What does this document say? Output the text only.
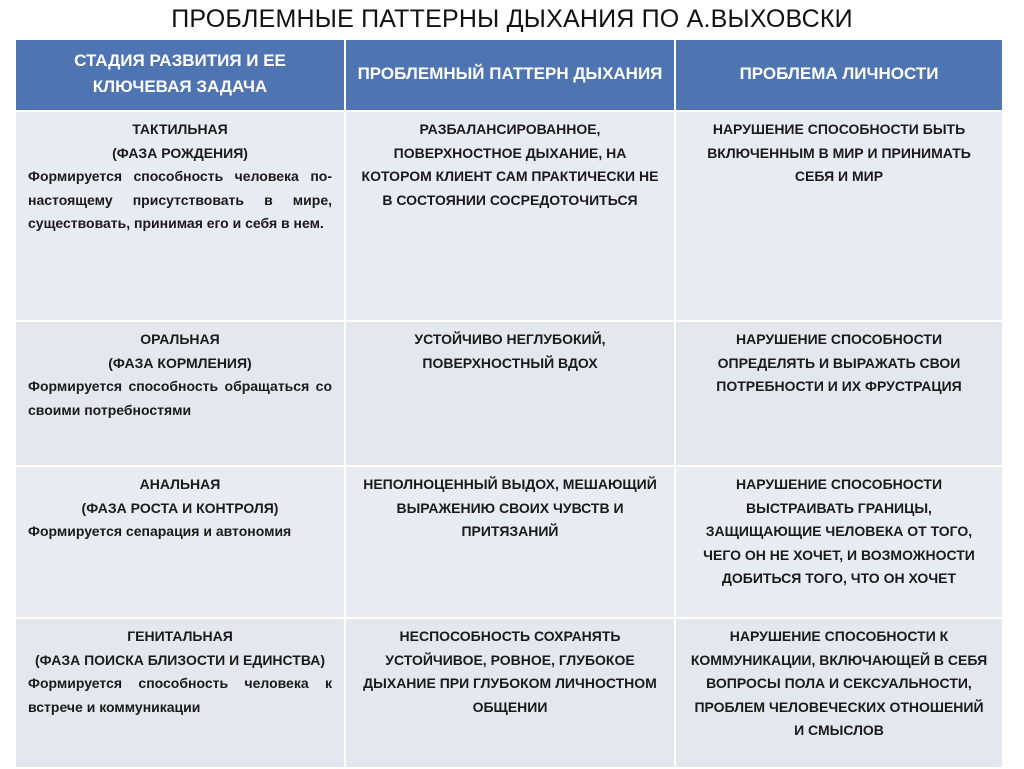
ПРОБЛЕМНЫЕ ПАТТЕРНЫ ДЫХАНИЯ ПО А.ВЫХОВСКИ
СТАДИЯ РАЗВИТИЯ И ЕЕ КЛЮЧЕВАЯ ЗАДАЧА	ПРОБЛЕМНЫЙ ПАТТЕРН ДЫХАНИЯ	ПРОБЛЕМА ЛИЧНОСТИ

ТАКТИЛЬНАЯ
(ФАЗА РОЖДЕНИЯ)
Формируется способность человека по-настоящему присутствовать в мире, существовать, принимая его и себя в нем.	РАЗБАЛАНСИРОВАННОЕ, ПОВЕРХНОСТНОЕ ДЫХАНИЕ, НА КОТОРОМ КЛИЕНТ САМ ПРАКТИЧЕСКИ НЕ В СОСТОЯНИИ СОСРЕДОТОЧИТЬСЯ	НАРУШЕНИЕ СПОСОБНОСТИ БЫТЬ ВКЛЮЧЕННЫМ В МИР И ПРИНИМАТЬ СЕБЯ И МИР

ОРАЛЬНАЯ
(ФАЗА КОРМЛЕНИЯ)
Формируется способность обращаться со своими потребностями	УСТОЙЧИВО НЕГЛУБОКИЙ, ПОВЕРХНОСТНЫЙ ВДОХ	НАРУШЕНИЕ СПОСОБНОСТИ ОПРЕДЕЛЯТЬ И ВЫРАЖАТЬ СВОИ ПОТРЕБНОСТИ И ИХ ФРУСТРАЦИЯ

АНАЛЬНАЯ
(ФАЗА РОСТА И КОНТРОЛЯ)
Формируется сепарация и автономия	НЕПОЛНОЦЕННЫЙ ВЫДОХ, МЕШАЮЩИЙ ВЫРАЖЕНИЮ СВОИХ ЧУВСТВ И ПРИТЯЗАНИЙ	НАРУШЕНИЕ СПОСОБНОСТИ ВЫСТРАИВАТЬ ГРАНИЦЫ, ЗАЩИЩАЮЩИЕ ЧЕЛОВЕКА ОТ ТОГО, ЧЕГО ОН НЕ ХОЧЕТ, И ВОЗМОЖНОСТИ ДОБИТЬСЯ ТОГО, ЧТО ОН ХОЧЕТ

ГЕНИТАЛЬНАЯ
(ФАЗА ПОИСКА БЛИЗОСТИ И ЕДИНСТВА)
Формируется способность человека к встрече и коммуникации	НЕСПОСОБНОСТЬ СОХРАНЯТЬ УСТОЙЧИВОЕ, РОВНОЕ, ГЛУБОКОЕ ДЫХАНИЕ ПРИ ГЛУБОКОМ ЛИЧНОСТНОМ ОБЩЕНИИ	НАРУШЕНИЕ СПОСОБНОСТИ К КОММУНИКАЦИИ, ВКЛЮЧАЮЩЕЙ В СЕБЯ ВОПРОСЫ ПОЛА И СЕКСУАЛЬНОСТИ, ПРОБЛЕМ ЧЕЛОВЕЧЕСКИХ ОТНОШЕНИЙ И СМЫСЛОВ
